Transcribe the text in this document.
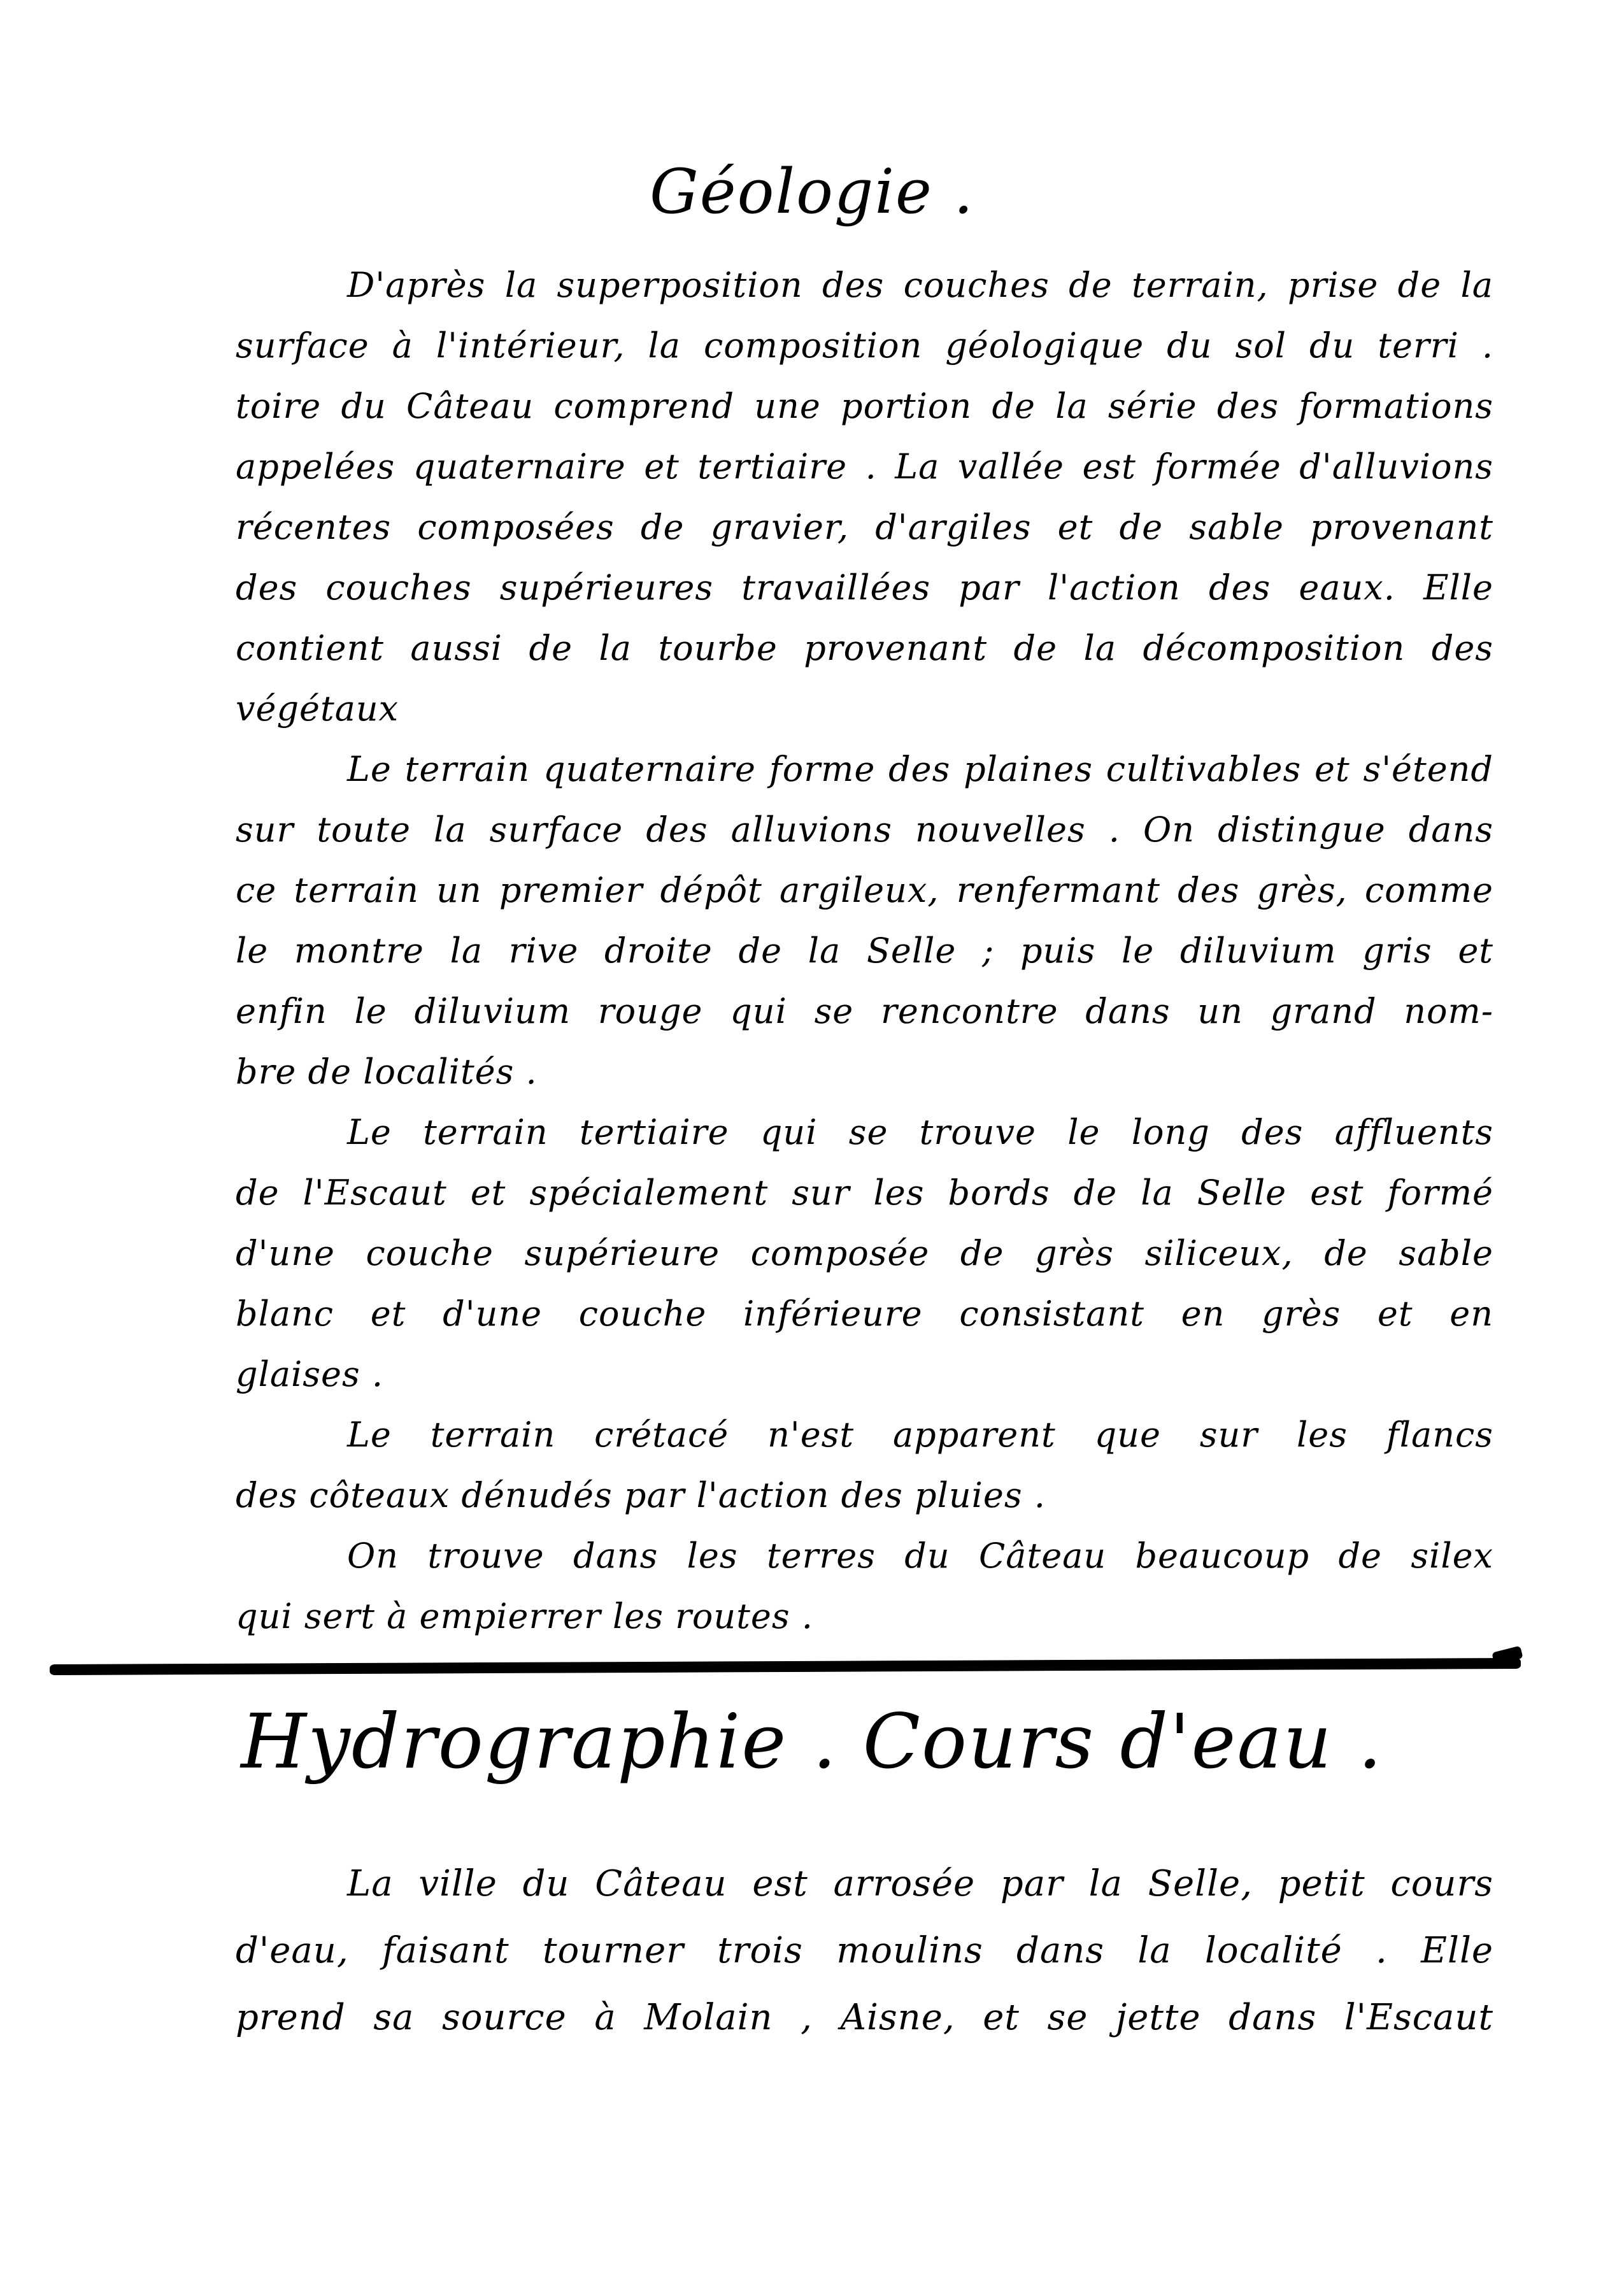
Géologie .
D'après la superposition des couches de terrain, prise de la
surface à l'intérieur, la composition géologique du sol du terri .
toire du Câteau comprend une portion de la série des formations
appelées quaternaire et tertiaire . La vallée est formée d'alluvions
récentes composées de gravier, d'argiles et de sable provenant
des couches supérieures travaillées par l'action des eaux. Elle
contient aussi de la tourbe provenant de la décomposition des
végétaux
Le terrain quaternaire forme des plaines cultivables et s'étend
sur toute la surface des alluvions nouvelles . On distingue dans
ce terrain un premier dépôt argileux, renfermant des grès, comme
le montre la rive droite de la Selle ; puis le diluvium gris et
enfin le diluvium rouge qui se rencontre dans un grand nom-
bre de localités .
Le terrain tertiaire qui se trouve le long des affluents
de l'Escaut et spécialement sur les bords de la Selle est formé
d'une couche supérieure composée de grès siliceux, de sable
blanc et d'une couche inférieure consistant en grès et en
glaises .
Le terrain crétacé n'est apparent que sur les flancs
des côteaux dénudés par l'action des pluies .
On trouve dans les terres du Câteau beaucoup de silex
qui sert à empierrer les routes .
Hydrographie . Cours d'eau .
La ville du Câteau est arrosée par la Selle, petit cours
d'eau, faisant tourner trois moulins dans la localité . Elle
prend sa source à Molain , Aisne, et se jette dans l'Escaut
